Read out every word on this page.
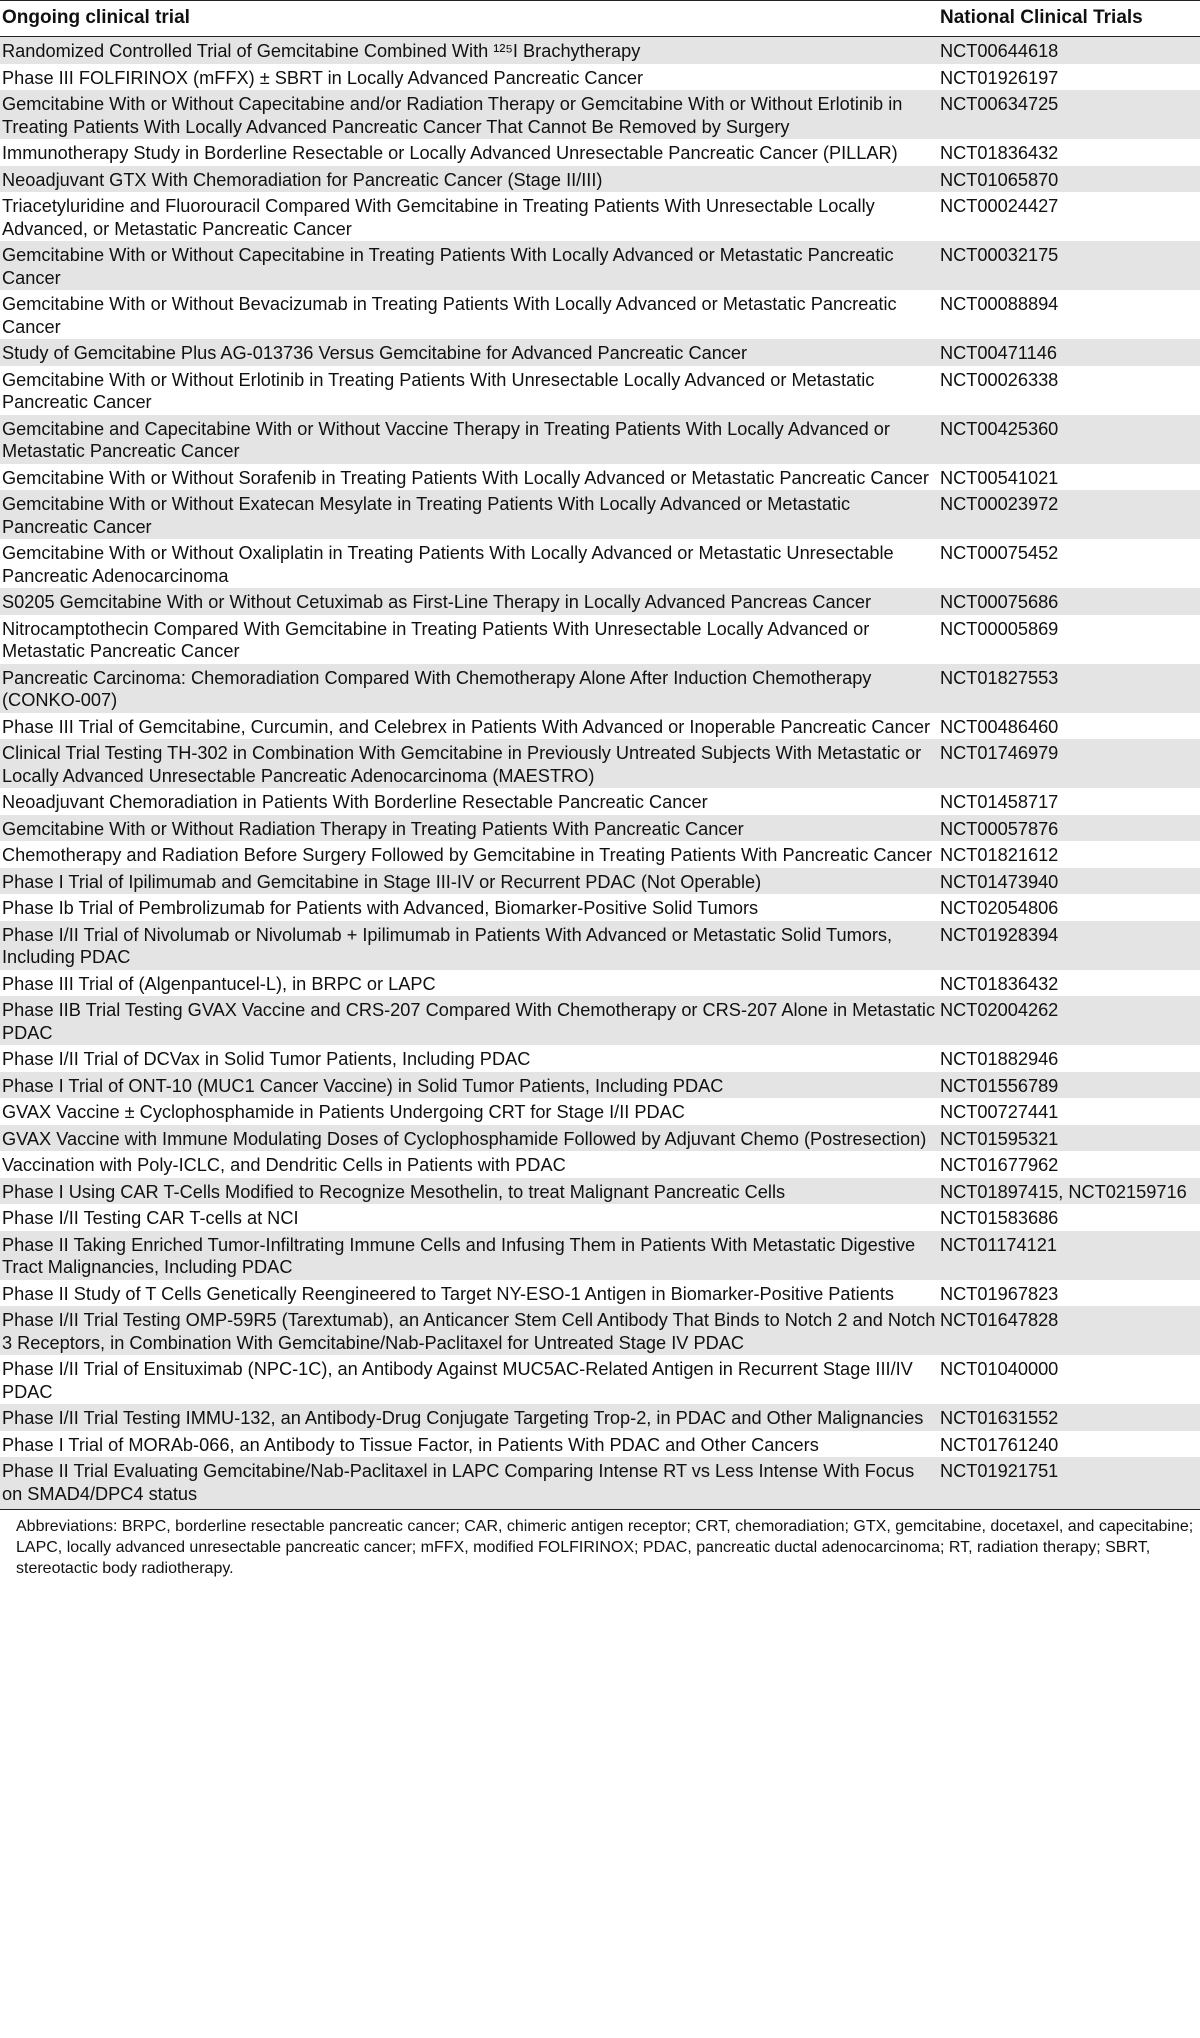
Ongoing clinical trial	National Clinical Trials
Randomized Controlled Trial of Gemcitabine Combined With ¹²⁵I Brachytherapy	NCT00644618
Phase III FOLFIRINOX (mFFX) ± SBRT in Locally Advanced Pancreatic Cancer	NCT01926197
Gemcitabine With or Without Capecitabine and/or Radiation Therapy or Gemcitabine With or Without Erlotinib in Treating Patients With Locally Advanced Pancreatic Cancer That Cannot Be Removed by Surgery	NCT00634725
Immunotherapy Study in Borderline Resectable or Locally Advanced Unresectable Pancreatic Cancer (PILLAR)	NCT01836432
Neoadjuvant GTX With Chemoradiation for Pancreatic Cancer (Stage II/III)	NCT01065870
Triacetyluridine and Fluorouracil Compared With Gemcitabine in Treating Patients With Unresectable Locally Advanced, or Metastatic Pancreatic Cancer	NCT00024427
Gemcitabine With or Without Capecitabine in Treating Patients With Locally Advanced or Metastatic Pancreatic Cancer	NCT00032175
Gemcitabine With or Without Bevacizumab in Treating Patients With Locally Advanced or Metastatic Pancreatic Cancer	NCT00088894
Study of Gemcitabine Plus AG-013736 Versus Gemcitabine for Advanced Pancreatic Cancer	NCT00471146
Gemcitabine With or Without Erlotinib in Treating Patients With Unresectable Locally Advanced or Metastatic Pancreatic Cancer	NCT00026338
Gemcitabine and Capecitabine With or Without Vaccine Therapy in Treating Patients With Locally Advanced or Metastatic Pancreatic Cancer	NCT00425360
Gemcitabine With or Without Sorafenib in Treating Patients With Locally Advanced or Metastatic Pancreatic Cancer	NCT00541021
Gemcitabine With or Without Exatecan Mesylate in Treating Patients With Locally Advanced or Metastatic Pancreatic Cancer	NCT00023972
Gemcitabine With or Without Oxaliplatin in Treating Patients With Locally Advanced or Metastatic Unresectable Pancreatic Adenocarcinoma	NCT00075452
S0205 Gemcitabine With or Without Cetuximab as First-Line Therapy in Locally Advanced Pancreas Cancer	NCT00075686
Nitrocamptothecin Compared With Gemcitabine in Treating Patients With Unresectable Locally Advanced or Metastatic Pancreatic Cancer	NCT00005869
Pancreatic Carcinoma: Chemoradiation Compared With Chemotherapy Alone After Induction Chemotherapy (CONKO-007)	NCT01827553
Phase III Trial of Gemcitabine, Curcumin, and Celebrex in Patients With Advanced or Inoperable Pancreatic Cancer	NCT00486460
Clinical Trial Testing TH-302 in Combination With Gemcitabine in Previously Untreated Subjects With Metastatic or Locally Advanced Unresectable Pancreatic Adenocarcinoma (MAESTRO)	NCT01746979
Neoadjuvant Chemoradiation in Patients With Borderline Resectable Pancreatic Cancer	NCT01458717
Gemcitabine With or Without Radiation Therapy in Treating Patients With Pancreatic Cancer	NCT00057876
Chemotherapy and Radiation Before Surgery Followed by Gemcitabine in Treating Patients With Pancreatic Cancer	NCT01821612
Phase I Trial of Ipilimumab and Gemcitabine in Stage III-IV or Recurrent PDAC (Not Operable)	NCT01473940
Phase Ib Trial of Pembrolizumab for Patients with Advanced, Biomarker-Positive Solid Tumors	NCT02054806
Phase I/II Trial of Nivolumab or Nivolumab + Ipilimumab in Patients With Advanced or Metastatic Solid Tumors, Including PDAC	NCT01928394
Phase III Trial of (Algenpantucel-L), in BRPC or LAPC	NCT01836432
Phase IIB Trial Testing GVAX Vaccine and CRS-207 Compared With Chemotherapy or CRS-207 Alone in Metastatic PDAC	NCT02004262
Phase I/II Trial of DCVax in Solid Tumor Patients, Including PDAC	NCT01882946
Phase I Trial of ONT-10 (MUC1 Cancer Vaccine) in Solid Tumor Patients, Including PDAC	NCT01556789
GVAX Vaccine ± Cyclophosphamide in Patients Undergoing CRT for Stage I/II PDAC	NCT00727441
GVAX Vaccine with Immune Modulating Doses of Cyclophosphamide Followed by Adjuvant Chemo (Postresection)	NCT01595321
Vaccination with Poly-ICLC, and Dendritic Cells in Patients with PDAC	NCT01677962
Phase I Using CAR T-Cells Modified to Recognize Mesothelin, to treat Malignant Pancreatic Cells	NCT01897415, NCT02159716
Phase I/II Testing CAR T-cells at NCI	NCT01583686
Phase II Taking Enriched Tumor-Infiltrating Immune Cells and Infusing Them in Patients With Metastatic Digestive Tract Malignancies, Including PDAC	NCT01174121
Phase II Study of T Cells Genetically Reengineered to Target NY-ESO-1 Antigen in Biomarker-Positive Patients	NCT01967823
Phase I/II Trial Testing OMP-59R5 (Tarextumab), an Anticancer Stem Cell Antibody That Binds to Notch 2 and Notch 3 Receptors, in Combination With Gemcitabine/Nab-Paclitaxel for Untreated Stage IV PDAC	NCT01647828
Phase I/II Trial of Ensituximab (NPC-1C), an Antibody Against MUC5AC-Related Antigen in Recurrent Stage III/IV PDAC	NCT01040000
Phase I/II Trial Testing IMMU-132, an Antibody-Drug Conjugate Targeting Trop-2, in PDAC and Other Malignancies	NCT01631552
Phase I Trial of MORAb-066, an Antibody to Tissue Factor, in Patients With PDAC and Other Cancers	NCT01761240
Phase II Trial Evaluating Gemcitabine/Nab-Paclitaxel in LAPC Comparing Intense RT vs Less Intense With Focus on SMAD4/DPC4 status	NCT01921751
Abbreviations: BRPC, borderline resectable pancreatic cancer; CAR, chimeric antigen receptor; CRT, chemoradiation; GTX, gemcitabine, docetaxel, and capecitabine; LAPC, locally advanced unresectable pancreatic cancer; mFFX, modified FOLFIRINOX; PDAC, pancreatic ductal adenocarcinoma; RT, radiation therapy; SBRT, stereotactic body radiotherapy.
